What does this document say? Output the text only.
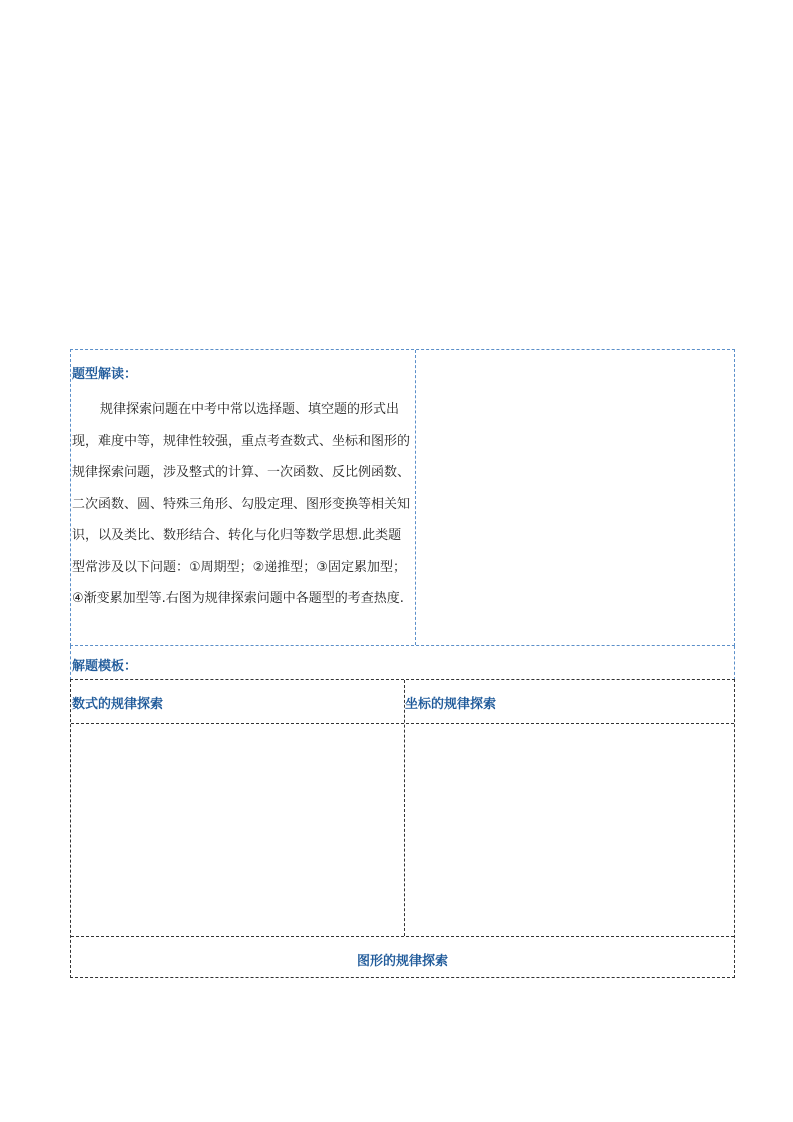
题型解读：

规律探索问题在中考中常以选择题、填空题的形式出现，难度中等，规律性较强，重点考查数式、坐标和图形的规律探索问题，涉及整式的计算、一次函数、反比例函数、二次函数、圆、特殊三角形、勾股定理、图形变换等相关知识，以及类比、数形结合、转化与化归等数学思想.此类题型常涉及以下问题：①周期型；②递推型；③固定累加型；④渐变累加型等.右图为规律探索问题中各题型的考查热度.

解题模板：
数式的规律探索	坐标的规律探索
图形的规律探索
